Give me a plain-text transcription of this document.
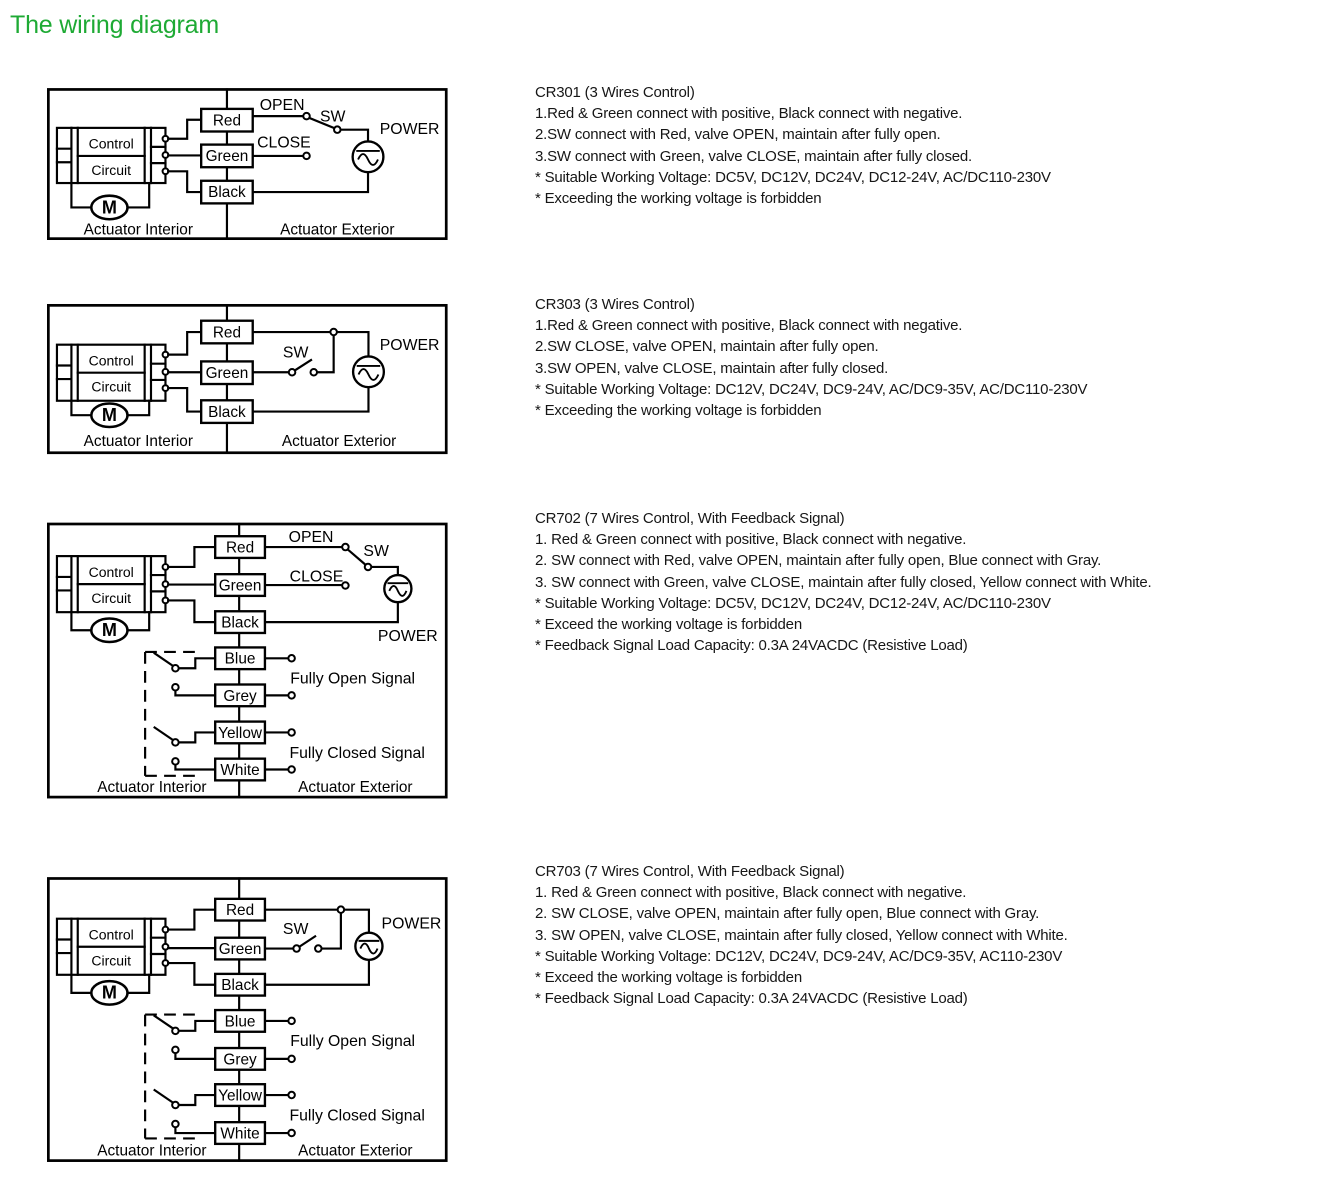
The wiring diagram
Control
Circuit
M
Red
Green
Black
OPEN
CLOSE
SW
POWER
Actuator Interior	Actuator Exterior
Control
Circuit
M
Red
Green
Black
SW	POWER
Actuator Interior	Actuator Exterior
Control
Circuit
M
Red
Green
Black
Blue
Grey
Yellow
White
OPEN
CLOSE
SW
POWER
Fully Open Signal
Fully Closed Signal
Actuator Interior	Actuator Exterior
Control
Circuit
M
Red
Green
Black
Blue
Grey
Yellow
White
SW	POWER
Fully Open Signal
Fully Closed Signal
Actuator Interior	Actuator Exterior
CR301 (3 Wires Control)
1.Red & Green connect with positive, Black connect with negative.
2.SW connect with Red, valve OPEN, maintain after fully open.
3.SW connect with Green, valve CLOSE, maintain after fully closed.
* Suitable Working Voltage: DC5V, DC12V, DC24V, DC12-24V, AC/DC110-230V
* Exceeding the working voltage is forbidden
CR303 (3 Wires Control)
1.Red & Green connect with positive, Black connect with negative.
2.SW CLOSE, valve OPEN, maintain after fully open.
3.SW OPEN, valve CLOSE, maintain after fully closed.
* Suitable Working Voltage: DC12V, DC24V, DC9-24V, AC/DC9-35V, AC/DC110-230V
* Exceeding the working voltage is forbidden
CR702 (7 Wires Control, With Feedback Signal)
1. Red & Green connect with positive, Black connect with negative.
2. SW connect with Red, valve OPEN, maintain after fully open, Blue connect with Gray.
3. SW connect with Green, valve CLOSE, maintain after fully closed, Yellow connect with White.
* Suitable Working Voltage: DC5V, DC12V, DC24V, DC12-24V, AC/DC110-230V
* Exceed the working voltage is forbidden
* Feedback Signal Load Capacity: 0.3A 24VACDC (Resistive Load)
CR703 (7 Wires Control, With Feedback Signal)
1. Red & Green connect with positive, Black connect with negative.
2. SW CLOSE, valve OPEN, maintain after fully open, Blue connect with Gray.
3. SW OPEN, valve CLOSE, maintain after fully closed, Yellow connect with White.
* Suitable Working Voltage: DC12V, DC24V, DC9-24V, AC/DC9-35V, AC110-230V
* Exceed the working voltage is forbidden
* Feedback Signal Load Capacity: 0.3A 24VACDC (Resistive Load)
